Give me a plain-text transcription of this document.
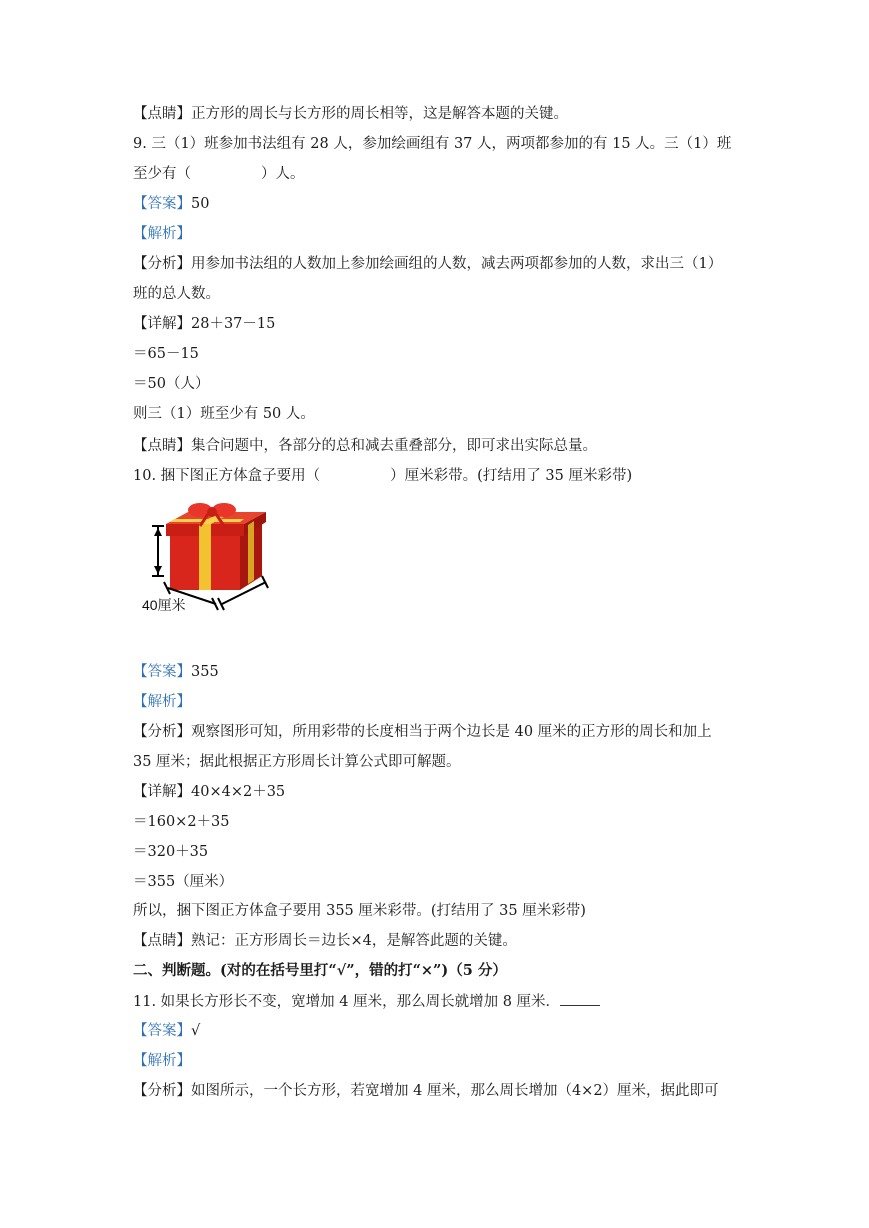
【点睛】正方形的周长与长方形的周长相等，这是解答本题的关键。
9. 三（1）班参加书法组有 28 人，参加绘画组有 37 人，两项都参加的有 15 人。三（1）班
至少有（	）人。
【答案】50
【解析】
【分析】用参加书法组的人数加上参加绘画组的人数，减去两项都参加的人数，求出三（1）
班的总人数。
【详解】28＋37－15
＝65－15
＝50（人）
则三（1）班至少有 50 人。
【点睛】集合问题中，各部分的总和减去重叠部分，即可求出实际总量。
10. 捆下图正方体盒子要用（	）厘米彩带。(打结用了 35 厘米彩带)
40厘米
【答案】355
【解析】
【分析】观察图形可知，所用彩带的长度相当于两个边长是 40 厘米的正方形的周长和加上
35 厘米；据此根据正方形周长计算公式即可解题。
【详解】40×4×2＋35
＝160×2＋35
＝320＋35
＝355（厘米）
所以，捆下图正方体盒子要用 355 厘米彩带。(打结用了 35 厘米彩带)
【点睛】熟记：正方形周长＝边长×4，是解答此题的关键。
二、判断题。(对的在括号里打“√”，错的打“×”)（5 分）
11. 如果长方形长不变，宽增加 4 厘米，那么周长就增加 8 厘米．
【答案】√
【解析】
【分析】如图所示，一个长方形，若宽增加 4 厘米，那么周长增加（4×2）厘米，据此即可
